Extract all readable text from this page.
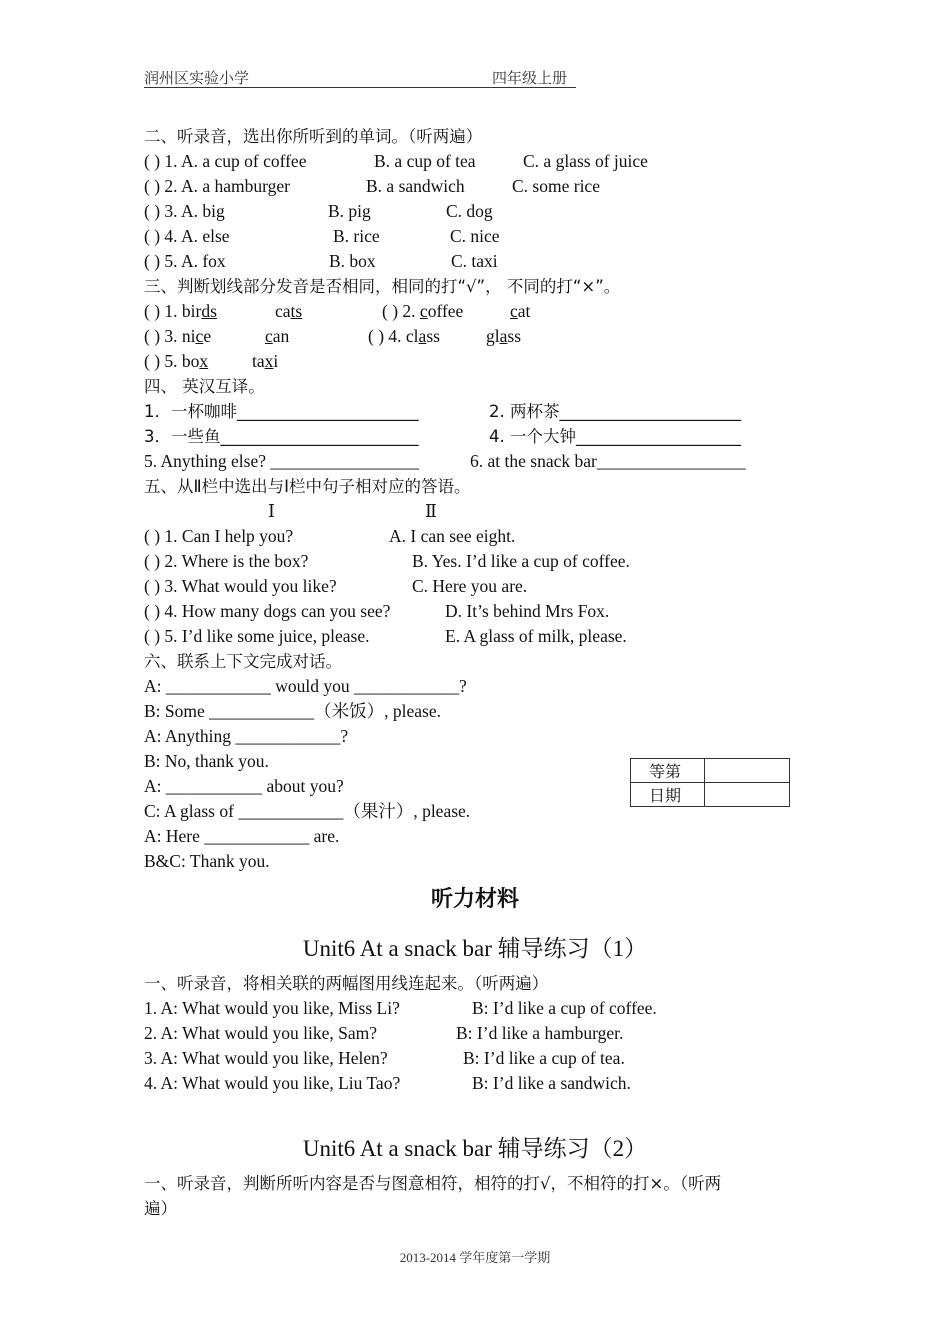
润州区实验小学	四年级上册
二、听录音，选出你所听到的单词。（听两遍）
( ) 1. A. a cup of coffee	B. a cup of tea	C. a glass of juice
( ) 2. A. a hamburger	B. a sandwich	C. some rice
( ) 3. A. big	B. pig	C. dog
( ) 4. A. else	B. rice	C. nice
( ) 5. A. fox	B. box	C. taxi
三、判断划线部分发音是否相同，相同的打“√”， 不同的打“×”。
( ) 1. birds	cats	( ) 2. coffee	cat
( ) 3. nice	can	( ) 4. class	glass
( ) 5. box	taxi
四、 英汉互译。
1．一杯咖啡______________________	2. 两杯茶______________________
3．一些鱼________________________	4. 一个大钟____________________
5. Anything else? _________________	6. at the snack bar_________________
五、从Ⅱ栏中选出与Ⅰ栏中句子相对应的答语。
Ⅰ	Ⅱ
( ) 1. Can I help you?	A. I can see eight.
( ) 2. Where is the box?	B. Yes. I’d like a cup of coffee.
( ) 3. What would you like?	C. Here you are.
( ) 4. How many dogs can you see?	D. It’s behind Mrs Fox.
( ) 5. I’d like some juice, please.	E. A glass of milk, please.
六、联系上下文完成对话。
A: ____________ would you ____________?
B: Some ____________（米饭）, please.
A: Anything ____________?
B: No, thank you.
A: ___________ about you?
C: A glass of ____________（果汁）, please.
A: Here ____________ are.
B&C: Thank you.
等第	
日期	
听力材料
Unit6 At a snack bar 辅导练习（1）
一、听录音，将相关联的两幅图用线连起来。（听两遍）
1. A: What would you like, Miss Li?	B: I’d like a cup of coffee.
2. A: What would you like, Sam?	B: I’d like a hamburger.
3. A: What would you like, Helen?	B: I’d like a cup of tea.
4. A: What would you like, Liu Tao?	B: I’d like a sandwich.
Unit6 At a snack bar 辅导练习（2）
一、听录音，判断所听内容是否与图意相符，相符的打√，不相符的打×。（听两
遍）
2013-2014 学年度第一学期
